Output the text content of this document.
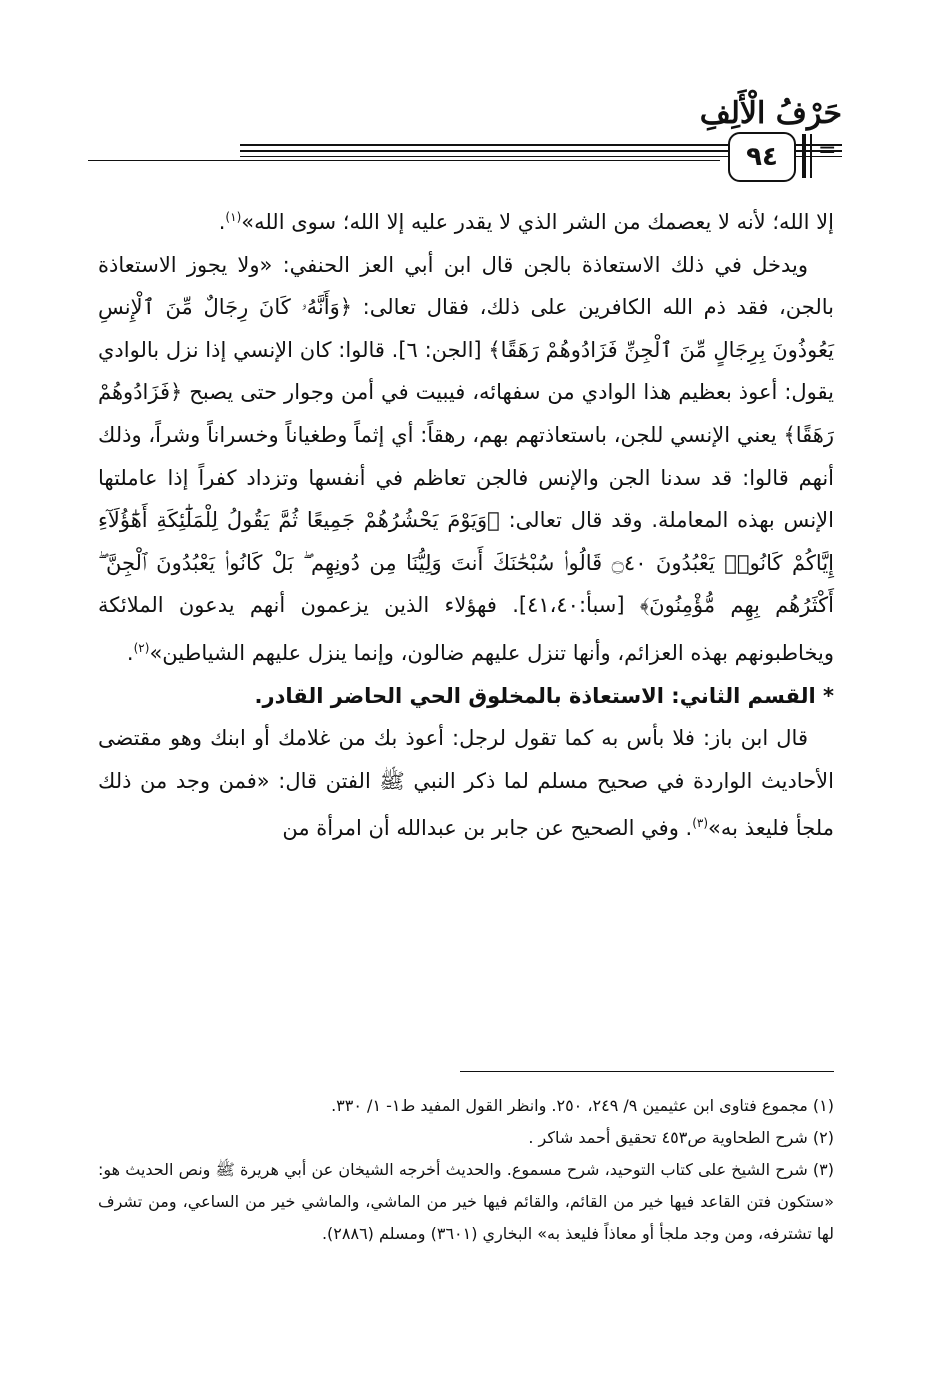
حَرْفُ الْأَلِفِ
٩٤	=

إلا الله؛ لأنه لا يعصمك من الشر الذي لا يقدر عليه إلا الله؛ سوى الله»$^{(١)}$.

ويدخل في ذلك الاستعاذة بالجن قال ابن أبي العز الحنفي: «ولا يجوز الاستعاذة بالجن، فقد ذم الله الكافرين على ذلك، فقال تعالى: ﴿وَأَنَّهُۥ كَانَ رِجَالٌ مِّنَ ٱلْإِنسِ يَعُوذُونَ بِرِجَالٍ مِّنَ ٱلْجِنِّ فَزَادُوهُمْ رَهَقًا﴾ [الجن: ٦]. قالوا: كان الإنسي إذا نزل بالوادي يقول: أعوذ بعظيم هذا الوادي من سفهائه، فيبيت في أمن وجوار حتى يصبح ﴿فَزَادُوهُمْ رَهَقًا﴾ يعني الإنسي للجن، باستعاذتهم بهم، رهقاً: أي إثماً وطغياناً وخسراناً وشراً، وذلك أنهم قالوا: قد سدنا الجن والإنس فالجن تعاظم في أنفسها وتزداد كفراً إذا عاملتها الإنس بهذه المعاملة. وقد قال تعالى: ﴿وَيَوْمَ يَحْشُرُهُمْ جَمِيعًا ثُمَّ يَقُولُ لِلْمَلَٰٓئِكَةِ أَهَٰٓؤُلَآءِ إِيَّاكُمْ كَانُوا۟ يَعْبُدُونَ ۝٤٠ قَالُوا۟ سُبْحَٰنَكَ أَنتَ وَلِيُّنَا مِن دُونِهِم ۖ بَلْ كَانُوا۟ يَعْبُدُونَ ٱلْجِنَّ ۖ أَكْثَرُهُم بِهِم مُّؤْمِنُونَ﴾ [سبأ:٤١،٤٠]. فهؤلاء الذين يزعمون أنهم يدعون الملائكة ويخاطبونهم بهذه العزائم، وأنها تنزل عليهم ضالون، وإنما ينزل عليهم الشياطين»$^{(٢)}$.

* القسم الثاني: الاستعاذة بالمخلوق الحي الحاضر القادر.

قال ابن باز: فلا بأس به كما تقول لرجل: أعوذ بك من غلامك أو ابنك وهو مقتضى الأحاديث الواردة في صحيح مسلم لما ذكر النبي ﷺ الفتن قال: «فمن وجد من ذلك ملجأ فليعذ به»$^{(٣)}$. وفي الصحيح عن جابر بن عبدالله أن امرأة من

(١) مجموع فتاوى ابن عثيمين ٩/ ٢٤٩، ٢٥٠. وانظر القول المفيد ط١- ١/ ٣٣٠.

(٢) شرح الطحاوية ص٤٥٣ تحقيق أحمد شاكر .

(٣) شرح الشيخ على كتاب التوحيد، شرح مسموع. والحديث أخرجه الشيخان عن أبي هريرة ﷺ ونص الحديث هو: «ستكون فتن القاعد فيها خير من القائم، والقائم فيها خير من الماشي، والماشي خير من الساعي، ومن تشرف لها تشترفه، ومن وجد ملجأ أو معاذاً فليعذ به» البخاري (٣٦٠١) ومسلم (٢٨٨٦).
